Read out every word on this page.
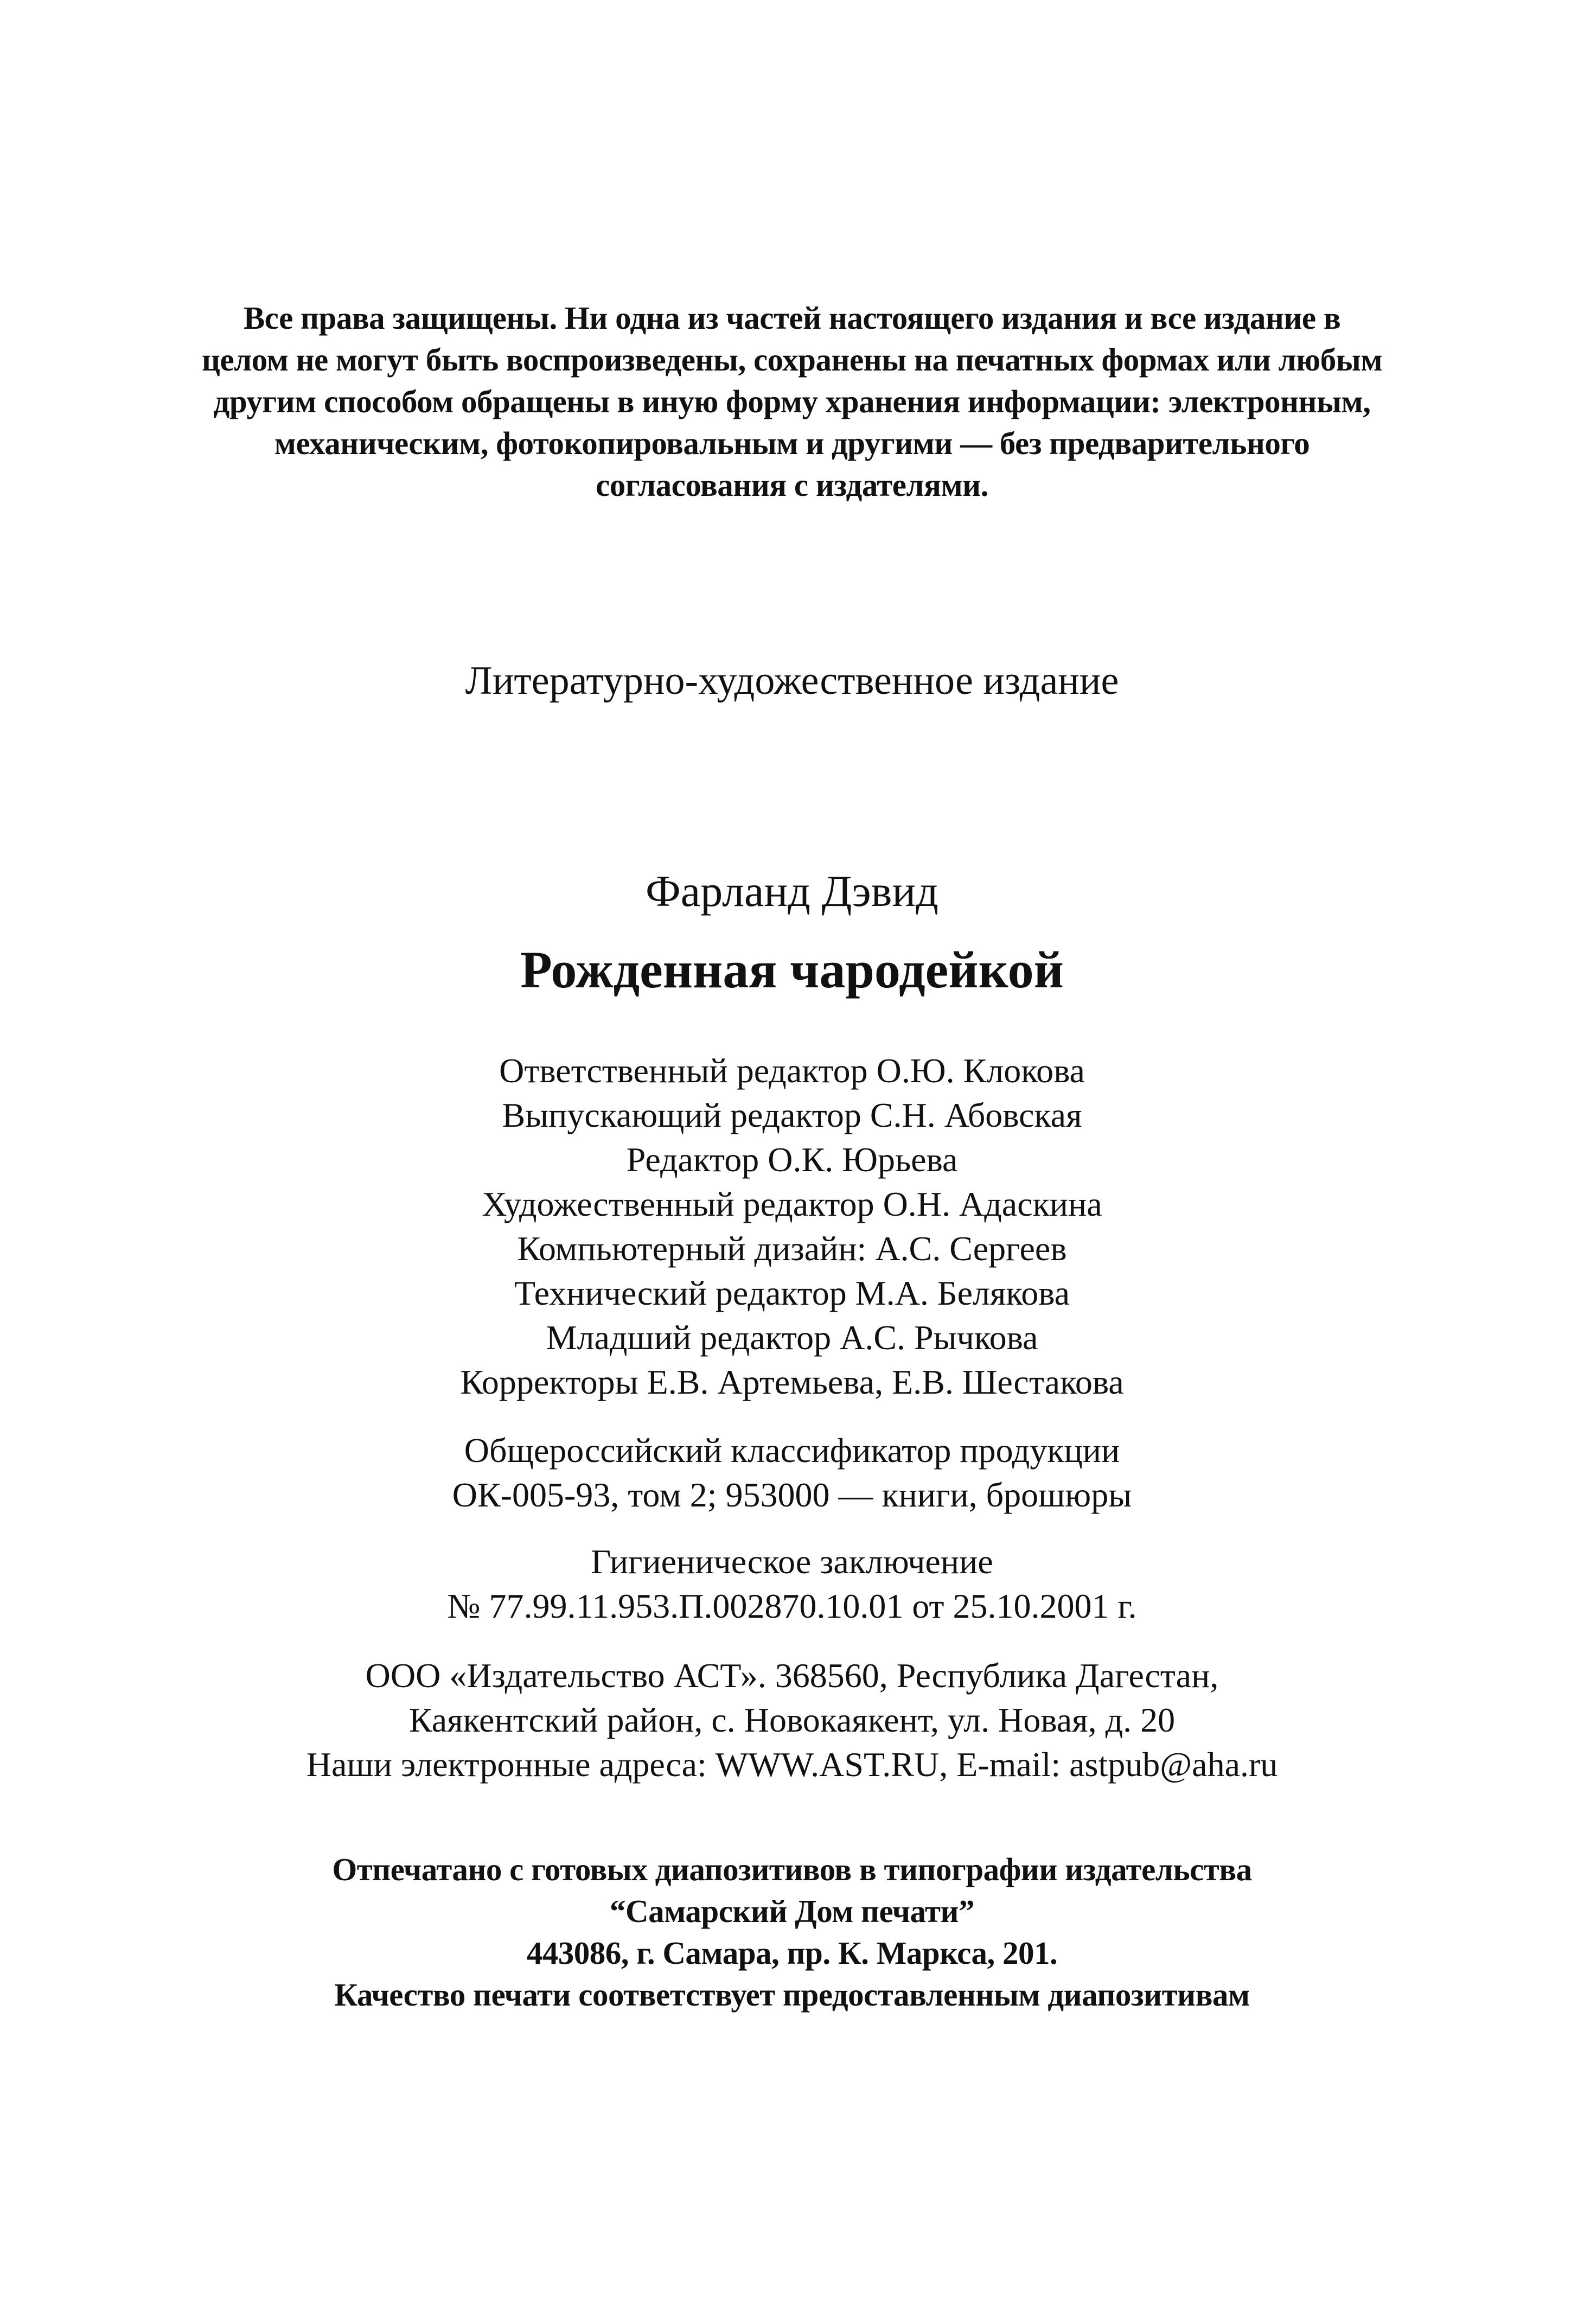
Все права защищены. Ни одна из частей настоящего издания и все издание в
целом не могут быть воспроизведены, сохранены на печатных формах или любым
другим способом обращены в иную форму хранения информации: электронным,
механическим, фотокопировальным и другими — без предварительного
согласования с издателями.
Литературно-художественное издание
Фарланд Дэвид
Рожденная чародейкой
Ответственный редактор О.Ю. Клокова
Выпускающий редактор С.Н. Абовская
Редактор О.К. Юрьева
Художественный редактор О.Н. Адаскина
Компьютерный дизайн: А.С. Сергеев
Технический редактор М.А. Белякова
Младший редактор А.С. Рычкова
Корректоры Е.В. Артемьева, Е.В. Шестакова
Общероссийский классификатор продукции
ОК-005-93, том 2; 953000 — книги, брошюры
Гигиеническое заключение
№ 77.99.11.953.П.002870.10.01 от 25.10.2001 г.
ООО «Издательство АСТ». 368560, Республика Дагестан,
Каякентский район, с. Новокаякент, ул. Новая, д. 20
Наши электронные адреса: WWW.AST.RU, E-mail: astpub@aha.ru
Отпечатано с готовых диапозитивов в типографии издательства
“Самарский Дом печати”
443086, г. Самара, пр. К. Маркса, 201.
Качество печати соответствует предоставленным диапозитивам
